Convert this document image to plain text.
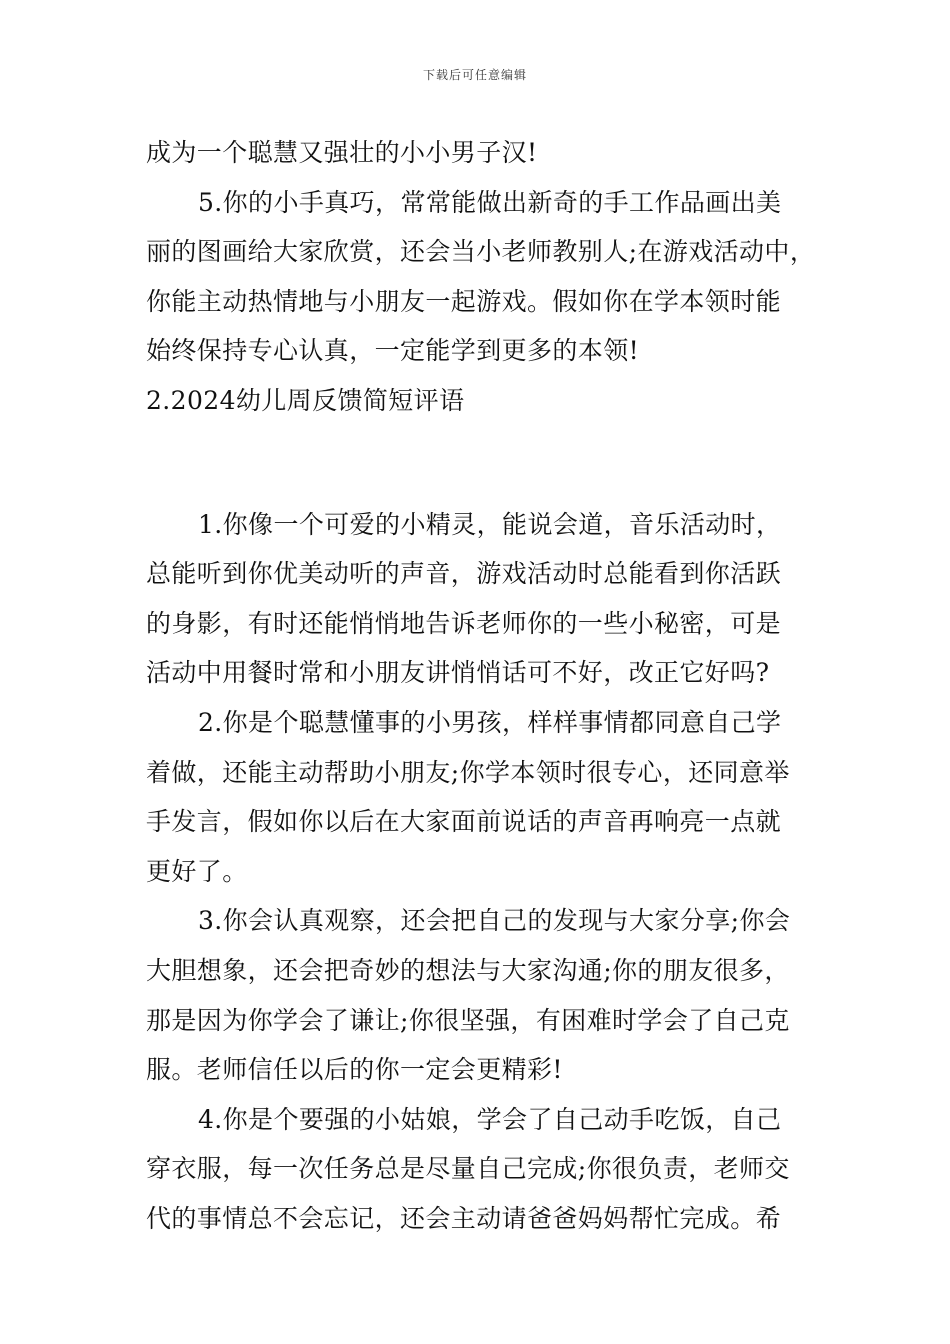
下载后可任意编辑
成为一个聪慧又强壮的小小男子汉!
5.你的小手真巧，常常能做出新奇的手工作品画出美
丽的图画给大家欣赏，还会当小老师教别人;在游戏活动中，
你能主动热情地与小朋友一起游戏。假如你在学本领时能
始终保持专心认真，一定能学到更多的本领!
2.2024幼儿周反馈简短评语
1.你像一个可爱的小精灵，能说会道，音乐活动时，
总能听到你优美动听的声音，游戏活动时总能看到你活跃
的身影，有时还能悄悄地告诉老师你的一些小秘密，可是
活动中用餐时常和小朋友讲悄悄话可不好，改正它好吗?
2.你是个聪慧懂事的小男孩，样样事情都同意自己学
着做，还能主动帮助小朋友;你学本领时很专心，还同意举
手发言，假如你以后在大家面前说话的声音再响亮一点就
更好了。
3.你会认真观察，还会把自己的发现与大家分享;你会
大胆想象，还会把奇妙的想法与大家沟通;你的朋友很多，
那是因为你学会了谦让;你很坚强，有困难时学会了自己克
服。老师信任以后的你一定会更精彩!
4.你是个要强的小姑娘，学会了自己动手吃饭，自己
穿衣服，每一次任务总是尽量自己完成;你很负责，老师交
代的事情总不会忘记，还会主动请爸爸妈妈帮忙完成。希
